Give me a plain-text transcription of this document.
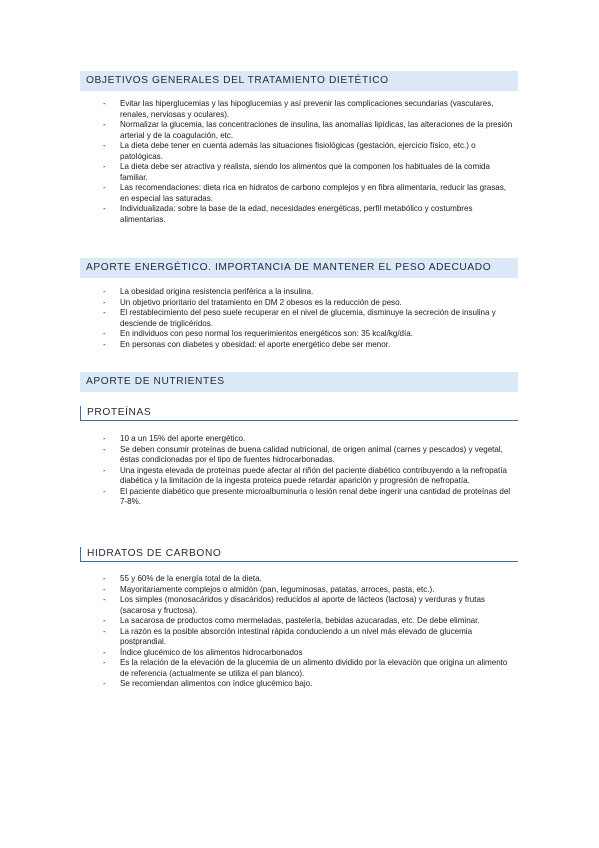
OBJETIVOS GENERALES DEL TRATAMIENTO DIETÉTICO
- Evitar las hiperglucemias y las hipoglucemias y así prevenir las complicaciones secundarias (vasculares, renales, nerviosas y oculares).
- Normalizar la glucemia, las concentraciones de insulina, las anomalías lipídicas, las alteraciones de la presión arterial y de la coagulación, etc.
- La dieta debe tener en cuenta además las situaciones fisiológicas (gestación, ejercicio físico, etc.) o patológicas.
- La dieta debe ser atractiva y realista, siendo los alimentos que la componen los habituales de la comida familiar.
- Las recomendaciones: dieta rica en hidratos de carbono complejos y en fibra alimentaria, reducir las grasas, en especial las saturadas.
- Individualizada: sobre la base de la edad, necesidades energéticas, perfil metabólico y costumbres alimentarias.
APORTE ENERGÉTICO. IMPORTANCIA DE MANTENER EL PESO ADECUADO
- La obesidad origina resistencia periférica a la insulina.
- Un objetivo prioritario del tratamiento en DM 2 obesos es la reducción de peso.
- El restablecimiento del peso suele recuperar en el nivel de glucemia, disminuye la secreción de insulina y desciende de triglicéridos.
- En individuos con peso normal los requerimientos energéticos son: 35 kcal/kg/día.
- En personas con diabetes y obesidad: el aporte energético debe ser menor.
APORTE DE NUTRIENTES
PROTEÍNAS
- 10 a un 15% del aporte energético.
- Se deben consumir proteínas de buena calidad nutricional, de origen animal (carnes y pescados) y vegetal, éstas condicionadas por el tipo de fuentes hidrocarbonadas.
- Una ingesta elevada de proteínas puede afectar al riñón del paciente diabético contribuyendo a la nefropatía diabética y la limitación de la ingesta proteica puede retardar aparición y progresión de nefropatía.
- El paciente diabético que presente microalbuminuria o lesión renal debe ingerir una cantidad de proteínas del 7-8%.
HIDRATOS DE CARBONO
- 55 y 60% de la energía total de la dieta.
- Mayoritariamente complejos o almidón (pan, leguminosas, patatas, arroces, pasta, etc.).
- Los simples (monosacáridos y disacáridos) reducidos al aporte de lácteos (lactosa) y verduras y frutas (sacarosa y fructosa).
- La sacarosa de productos como mermeladas, pastelería, bebidas azucaradas, etc. De debe eliminar.
- La razón es la posible absorción intestinal rápida conduciendo a un nivel más elevado de glucemia postprandial.
- Índice glucémico de los alimentos hidrocarbonados
- Es la relación de la elevación de la glucemia de un alimento dividido por la elevación que origina un alimento de referencia (actualmente se utiliza el pan blanco).
- Se recomiendan alimentos con índice glucémico bajo.
